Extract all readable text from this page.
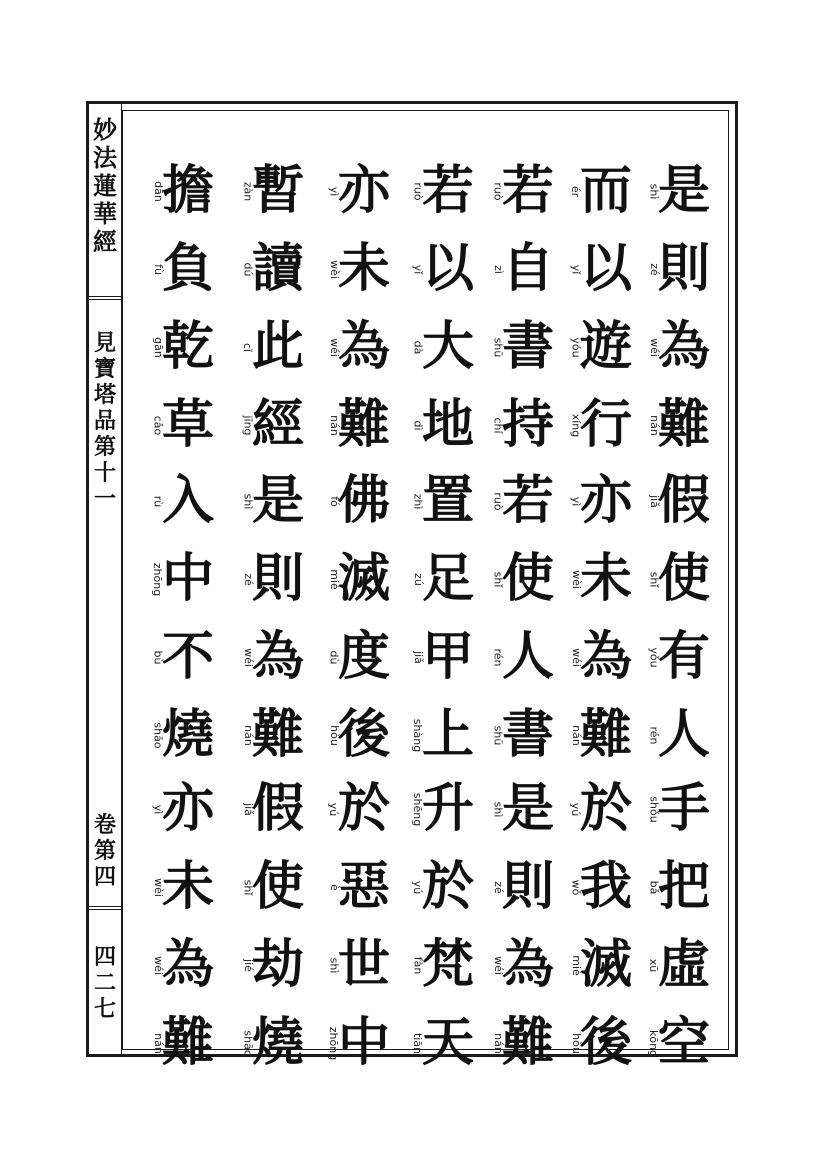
妙
法
蓮
華
經
見
寶
塔
品
第
十
一
卷
第
四
四
二
七
shì
是
zé
則
wéi
為
nán
難
jiǎ
假
shǐ
使
yǒu
有
rén
人
shǒu
手
bǎ
把
xū
虛
kōng
空
ér
而
yǐ
以
yóu
遊
xíng
行
yì
亦
wèi
未
wéi
為
nán
難
yú
於
wǒ
我
miè
滅
hòu
後
ruò
若
zì
自
shū
書
chí
持
ruò
若
shǐ
使
rén
人
shū
書
shì
是
zé
則
wéi
為
nán
難
ruò
若
yǐ
以
dà
大
dì
地
zhì
置
zú
足
jiǎ
甲
shàng
上
shēng
升
yú
於
fàn
梵
tiān
天
yì
亦
wèi
未
wéi
為
nán
難
fó
佛
miè
滅
dù
度
hòu
後
yú
於
è
惡
shì
世
zhōng
中
zàn
暫
dú
讀
cǐ
此
jīng
經
shì
是
zé
則
wéi
為
nán
難
jiǎ
假
shǐ
使
jié
劫
shāo
燒
dān
擔
fù
負
gān
乾
cǎo
草
rù
入
zhōng
中
bù
不
shāo
燒
yì
亦
wèi
未
wéi
為
nán
難
